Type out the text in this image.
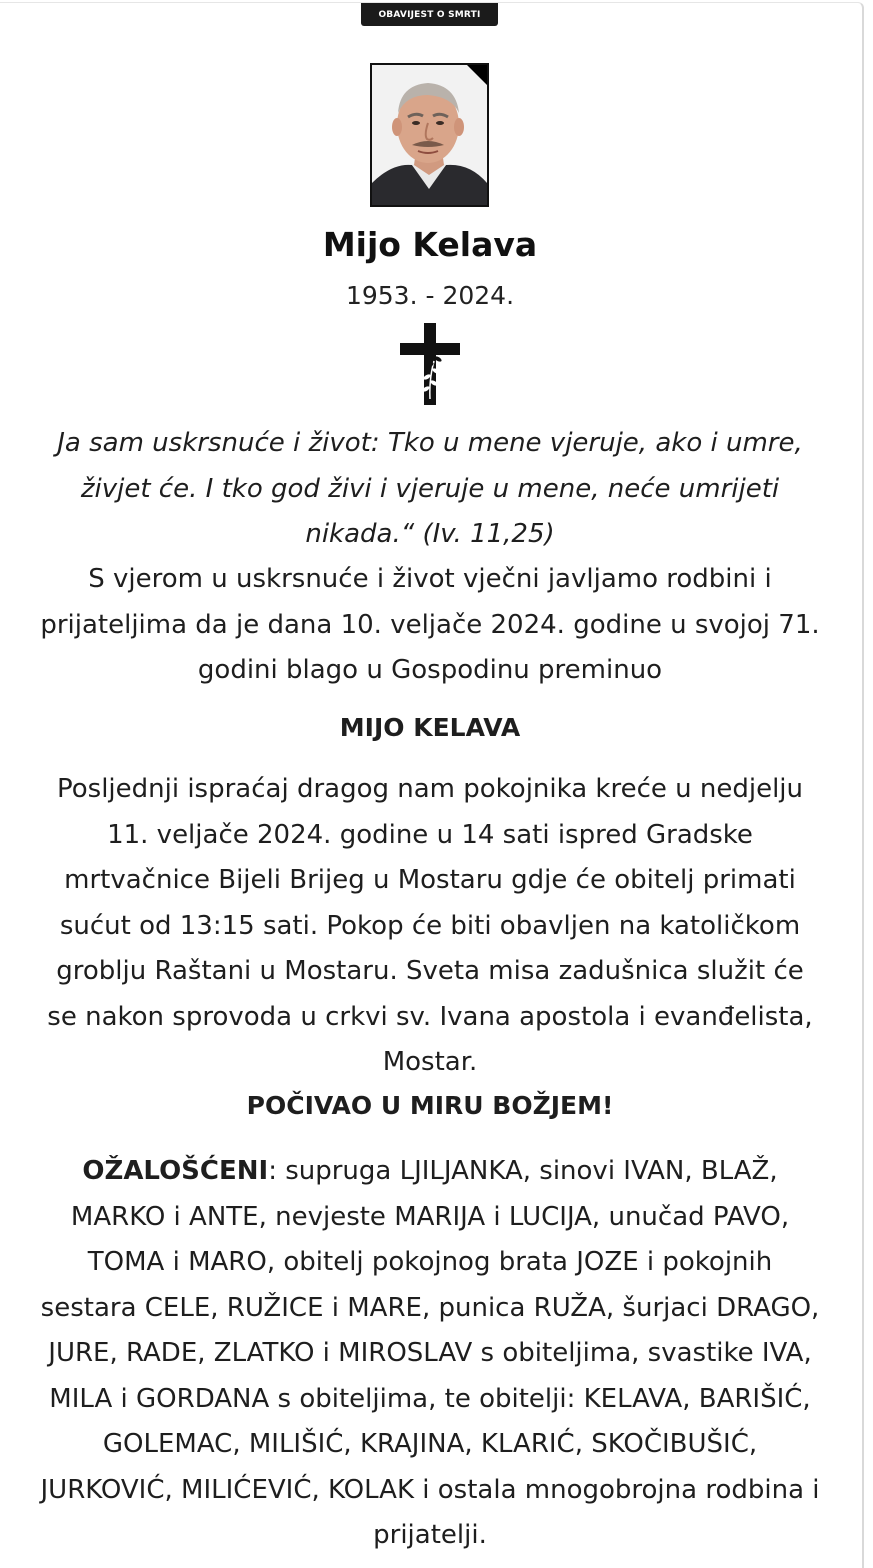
OBAVIJEST O SMRTI
Mijo Kelava
1953. - 2024.
Ja sam uskrsnuće i život: Tko u mene vjeruje, ako i umre, živjet će. I tko god živi i vjeruje u mene, neće umrijeti nikada.“ (Iv. 11,25)
S vjerom u uskrsnuće i život vječni javljamo rodbini i prijateljima da je dana 10. veljače 2024. godine u svojoj 71. godini blago u Gospodinu preminuo
MIJO KELAVA
Posljednji ispraćaj dragog nam pokojnika kreće u nedjelju 11. veljače 2024. godine u 14 sati ispred Gradske mrtvačnice Bijeli Brijeg u Mostaru gdje će obitelj primati sućut od 13:15 sati. Pokop će biti obavljen na katoličkom groblju Raštani u Mostaru. Sveta misa zadušnica služit će se nakon sprovoda u crkvi sv. Ivana apostola i evanđelista, Mostar.
POČIVAO U MIRU BOŽJEM!
OŽALOŠĆENI: supruga LJILJANKA, sinovi IVAN, BLAŽ, MARKO i ANTE, nevjeste MARIJA i LUCIJA, unučad PAVO, TOMA i MARO, obitelj pokojnog brata JOZE i pokojnih sestara CELE, RUŽICE i MARE, punica RUŽA, šurjaci DRAGO, JURE, RADE, ZLATKO i MIROSLAV s obiteljima, svastike IVA, MILA i GORDANA s obiteljima, te obitelji: KELAVA, BARIŠIĆ, GOLEMAC, MILIŠIĆ, KRAJINA, KLARIĆ, SKOČIBUŠIĆ, JURKOVIĆ, MILIĆEVIĆ, KOLAK i ostala mnogobrojna rodbina i prijatelji.
